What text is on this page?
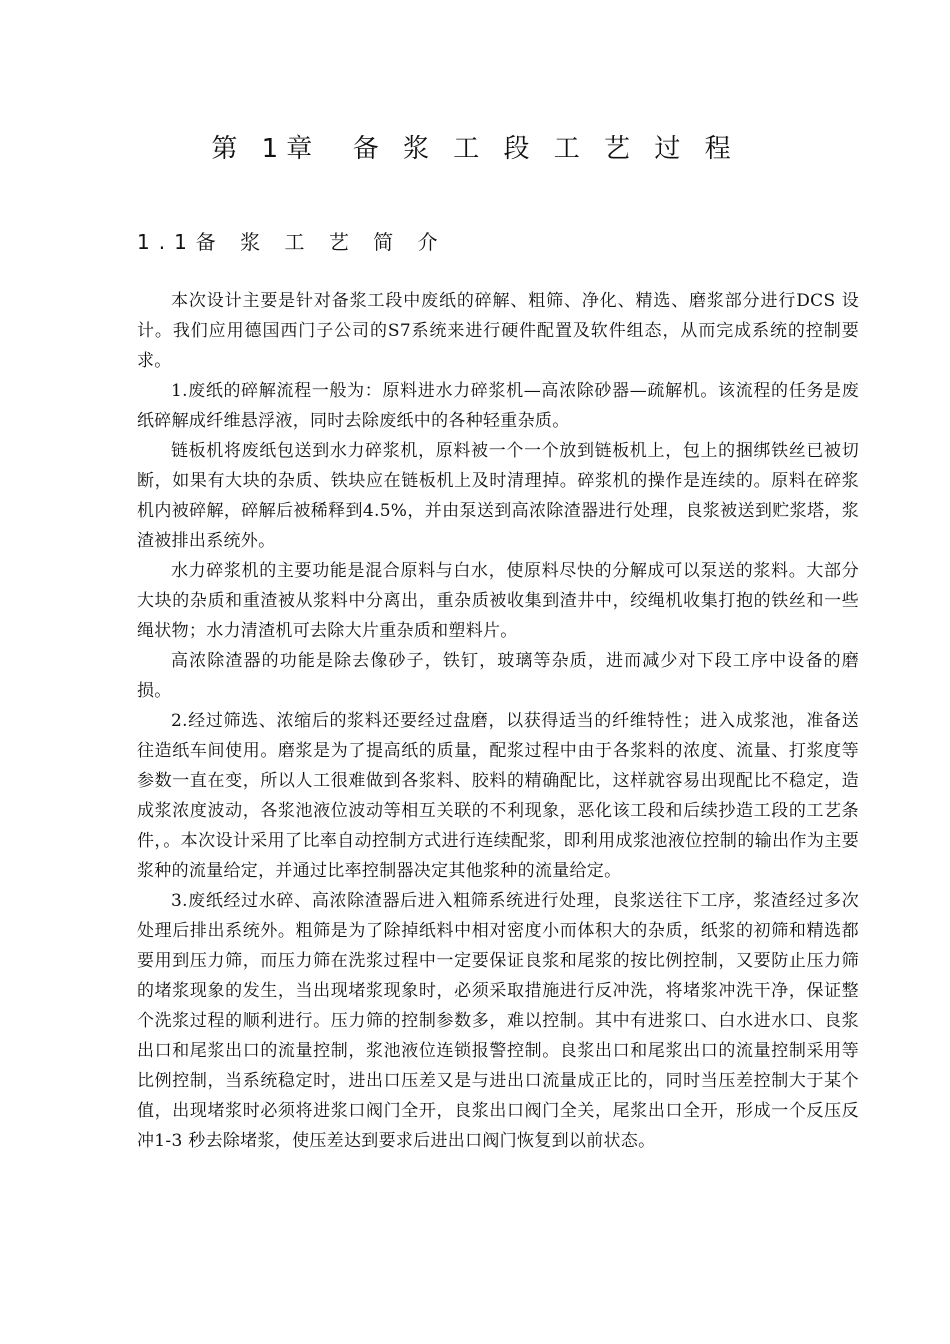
第 1章  备 浆 工 段 工 艺 过 程
1.1备 浆 工 艺 简 介

本次设计主要是针对备浆工段中废纸的碎解、粗筛、净化、精选、磨浆部分进行DCS 设计。我们应用德国西门子公司的S7系统来进行硬件配置及软件组态，从而完成系统的控制要求。

1.废纸的碎解流程一般为：原料进水力碎浆机—高浓除砂器—疏解机。该流程的任务是废纸碎解成纤维悬浮液，同时去除废纸中的各种轻重杂质。

链板机将废纸包送到水力碎浆机，原料被一个一个放到链板机上，包上的捆绑铁丝已被切断，如果有大块的杂质、铁块应在链板机上及时清理掉。碎浆机的操作是连续的。原料在碎浆机内被碎解，碎解后被稀释到4.5%，并由泵送到高浓除渣器进行处理，良浆被送到贮浆塔，浆渣被排出系统外。

水力碎浆机的主要功能是混合原料与白水，使原料尽快的分解成可以泵送的浆料。大部分大块的杂质和重渣被从浆料中分离出，重杂质被收集到渣井中，绞绳机收集打抱的铁丝和一些绳状物；水力清渣机可去除大片重杂质和塑料片。

高浓除渣器的功能是除去像砂子，铁钉，玻璃等杂质，进而减少对下段工序中设备的磨损。

2.经过筛选、浓缩后的浆料还要经过盘磨，以获得适当的纤维特性；进入成浆池，准备送往造纸车间使用。磨浆是为了提高纸的质量，配浆过程中由于各浆料的浓度、流量、打浆度等参数一直在变，所以人工很难做到各浆料、胶料的精确配比，这样就容易出现配比不稳定，造成浆浓度波动，各浆池液位波动等相互关联的不利现象，恶化该工段和后续抄造工段的工艺条件，。本次设计采用了比率自动控制方式进行连续配浆，即利用成浆池液位控制的输出作为主要浆种的流量给定，并通过比率控制器决定其他浆种的流量给定。

3.废纸经过水碎、高浓除渣器后进入粗筛系统进行处理，良浆送往下工序，浆渣经过多次处理后排出系统外。粗筛是为了除掉纸料中相对密度小而体积大的杂质，纸浆的初筛和精选都要用到压力筛，而压力筛在洗浆过程中一定要保证良浆和尾浆的按比例控制，又要防止压力筛的堵浆现象的发生，当出现堵浆现象时，必须采取措施进行反冲洗，将堵浆冲洗干净，保证整个洗浆过程的顺利进行。压力筛的控制参数多，难以控制。其中有进浆口、白水进水口、良浆出口和尾浆出口的流量控制，浆池液位连锁报警控制。良浆出口和尾浆出口的流量控制采用等比例控制，当系统稳定时，进出口压差又是与进出口流量成正比的，同时当压差控制大于某个值，出现堵浆时必须将进浆口阀门全开，良浆出口阀门全关，尾浆出口全开，形成一个反压反冲1-3 秒去除堵浆，使压差达到要求后进出口阀门恢复到以前状态。
